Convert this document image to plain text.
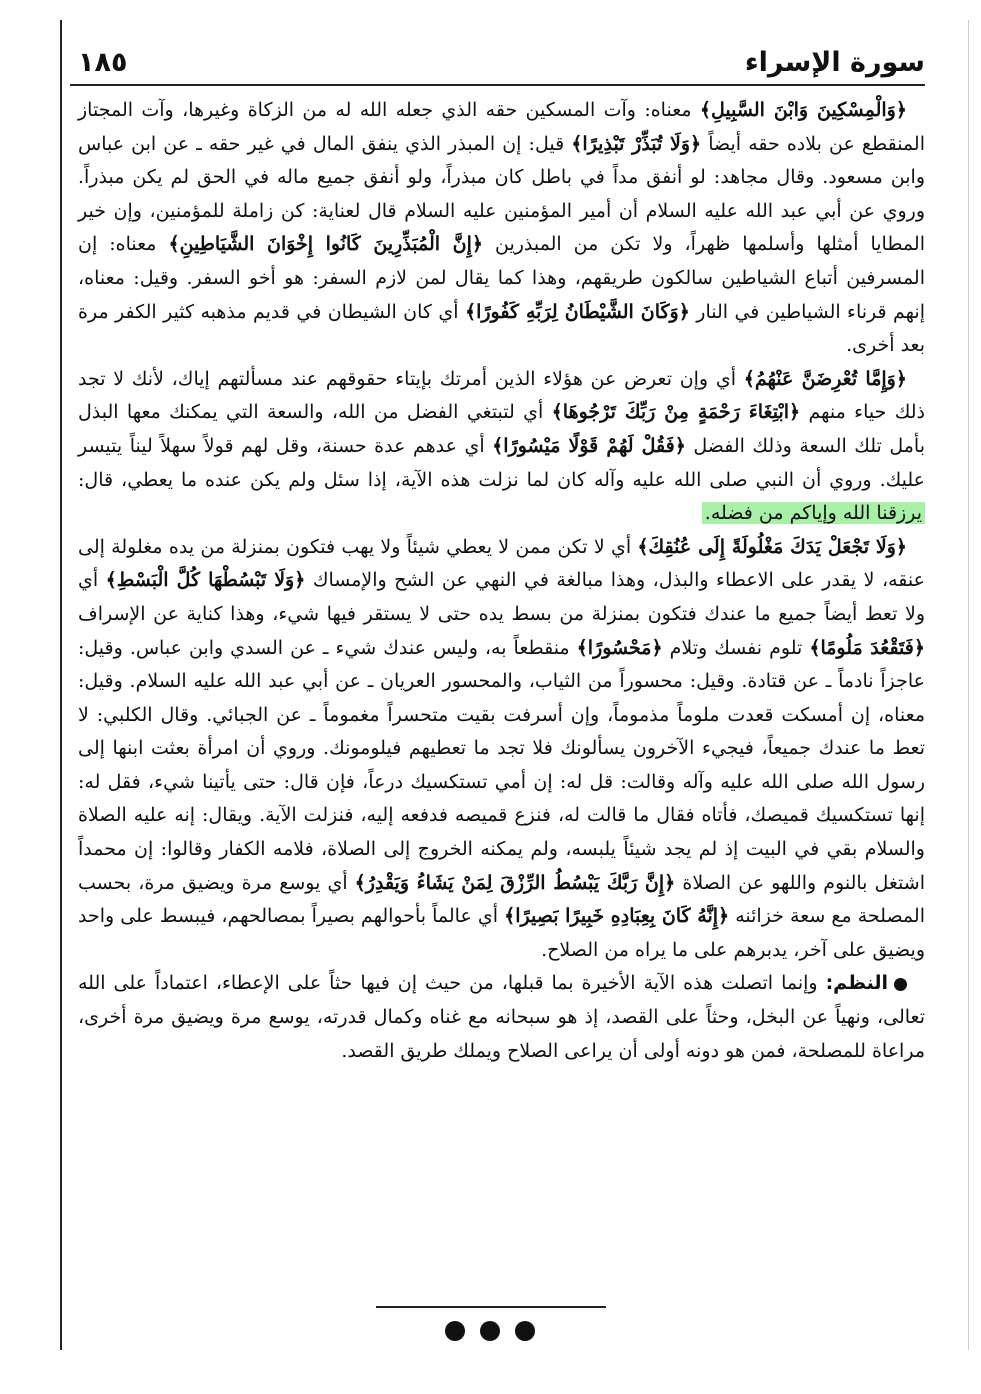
سورة الإسراء
١٨٥

﴿وَالْمِسْكِينَ وَابْنَ السَّبِيلِ﴾ معناه: وآت المسكين حقه الذي جعله الله له من الزكاة وغيرها، وآت المجتاز المنقطع عن بلاده حقه أيضاً ﴿وَلَا تُبَذِّرْ تَبْذِيرًا﴾ قيل: إن المبذر الذي ينفق المال في غير حقه ـ عن ابن عباس وابن مسعود. وقال مجاهد: لو أنفق مداً في باطل كان مبذراً، ولو أنفق جميع ماله في الحق لم يكن مبذراً. وروي عن أبي عبد الله عليه السلام أن أمير المؤمنين عليه السلام قال لعناية: كن زاملة للمؤمنين، وإن خير المطايا أمثلها وأسلمها ظهراً، ولا تكن من المبذرين ﴿إِنَّ الْمُبَذِّرِينَ كَانُوا إِخْوَانَ الشَّيَاطِينِ﴾ معناه: إن المسرفين أتباع الشياطين سالكون طريقهم، وهذا كما يقال لمن لازم السفر: هو أخو السفر. وقيل: معناه، إنهم قرناء الشياطين في النار ﴿وَكَانَ الشَّيْطَانُ لِرَبِّهِ كَفُورًا﴾ أي كان الشيطان في قديم مذهبه كثير الكفر مرة بعد أخرى.

﴿وَإِمَّا تُعْرِضَنَّ عَنْهُمُ﴾ أي وإن تعرض عن هؤلاء الذين أمرتك بإيتاء حقوقهم عند مسألتهم إياك، لأنك لا تجد ذلك حياء منهم ﴿ابْتِغَاءَ رَحْمَةٍ مِنْ رَبِّكَ تَرْجُوهَا﴾ أي لتبتغي الفضل من الله، والسعة التي يمكنك معها البذل بأمل تلك السعة وذلك الفضل ﴿فَقُلْ لَهُمْ قَوْلًا مَيْسُورًا﴾ أي عدهم عدة حسنة، وقل لهم قولاً سهلاً ليناً يتيسر عليك. وروي أن النبي صلى الله عليه وآله كان لما نزلت هذه الآية، إذا سئل ولم يكن عنده ما يعطي، قال: يرزقنا الله وإياكم من فضله.

﴿وَلَا تَجْعَلْ يَدَكَ مَغْلُولَةً إِلَى عُنُقِكَ﴾ أي لا تكن ممن لا يعطي شيئاً ولا يهب فتكون بمنزلة من يده مغلولة إلى عنقه، لا يقدر على الاعطاء والبذل، وهذا مبالغة في النهي عن الشح والإمساك ﴿وَلَا تَبْسُطْهَا كُلَّ الْبَسْطِ﴾ أي ولا تعط أيضاً جميع ما عندك فتكون بمنزلة من بسط يده حتى لا يستقر فيها شيء، وهذا كناية عن الإسراف ﴿فَتَقْعُدَ مَلُومًا﴾ تلوم نفسك وتلام ﴿مَحْسُورًا﴾ منقطعاً به، وليس عندك شيء ـ عن السدي وابن عباس. وقيل: عاجزاً نادماً ـ عن قتادة. وقيل: محسوراً من الثياب، والمحسور العريان ـ عن أبي عبد الله عليه السلام. وقيل: معناه، إن أمسكت قعدت ملوماً مذموماً، وإن أسرفت بقيت متحسراً مغموماً ـ عن الجبائي. وقال الكلبي: لا تعط ما عندك جميعاً، فيجيء الآخرون يسألونك فلا تجد ما تعطيهم فيلومونك. وروي أن امرأة بعثت ابنها إلى رسول الله صلى الله عليه وآله وقالت: قل له: إن أمي تستكسيك درعاً، فإن قال: حتى يأتينا شيء، فقل له: إنها تستكسيك قميصك، فأتاه فقال ما قالت له، فنزع قميصه فدفعه إليه، فنزلت الآية. ويقال: إنه عليه الصلاة والسلام بقي في البيت إذ لم يجد شيئاً يلبسه، ولم يمكنه الخروج إلى الصلاة، فلامه الكفار وقالوا: إن محمداً اشتغل بالنوم واللهو عن الصلاة ﴿إِنَّ رَبَّكَ يَبْسُطُ الرِّزْقَ لِمَنْ يَشَاءُ وَيَقْدِرُ﴾ أي يوسع مرة ويضيق مرة، بحسب المصلحة مع سعة خزائنه ﴿إِنَّهُ كَانَ بِعِبَادِهِ خَبِيرًا بَصِيرًا﴾ أي عالماً بأحوالهم بصيراً بمصالحهم، فيبسط على واحد ويضيق على آخر، يدبرهم على ما يراه من الصلاح.

النظم: وإنما اتصلت هذه الآية الأخيرة بما قبلها، من حيث إن فيها حثاً على الإعطاء، اعتماداً على الله تعالى، ونهياً عن البخل، وحثاً على القصد، إذ هو سبحانه مع غناه وكمال قدرته، يوسع مرة ويضيق مرة أخرى، مراعاة للمصلحة، فمن هو دونه أولى أن يراعى الصلاح ويملك طريق القصد.
